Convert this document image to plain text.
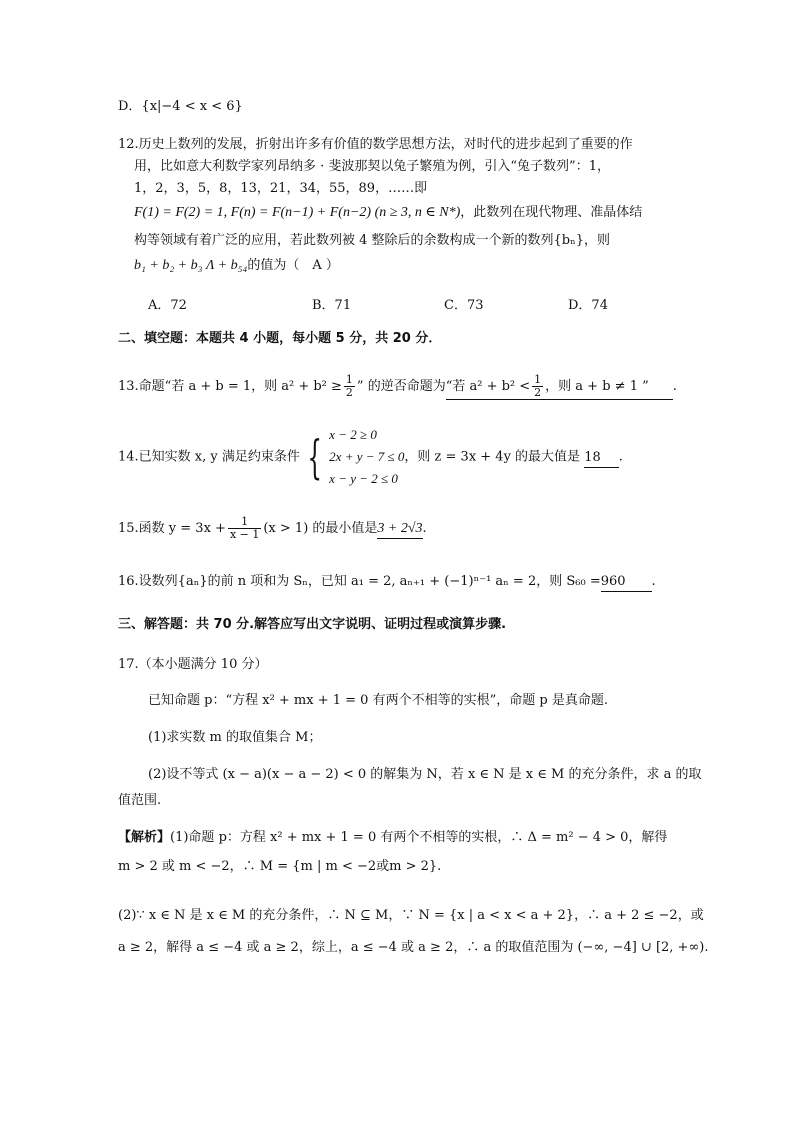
D．{x|−4 < x < 6}
12.历史上数列的发展，折射出许多有价值的数学思想方法，对时代的进步起到了重要的作
用，比如意大利数学家列昂纳多 · 斐波那契以兔子繁殖为例，引入“兔子数列”：1，
1，2，3，5，8，13，21，34，55，89，……即
F(1) = F(2) = 1, F(n) = F(n−1) + F(n−2) (n ≥ 3, n ∈ N*)，此数列在现代物理、准晶体结
构等领域有着广泛的应用，若此数列被 4 整除后的余数构成一个新的数列{bₙ}，则
b₁ + b₂ + b₃ Λ + b₅₄的值为（　A ）
A．72	B．71	C．73	D．74
二、填空题：本题共 4 小题，每小题 5 分，共 20 分．
13.命题“若 a + b = 1，则 $a^2 + b^2 \ge \frac{1}{2}$ ” 的逆否命题为“若 $a^2 + b^2 < \frac{1}{2}$ ，则 a + b ≠ 1 ” .
14.已知实数 x, y 满足约束条件 { x − 2 ≥ 0
2x + y − 7 ≤ 0
x − y − 2 ≤ 0
，则 z = 3x + 4y 的最大值是 18 .
15.函数 $y = 3x + \frac{1}{x - 1} (x > 1)$ 的最小值是3 + 2√3.
16.设数列{aₙ}的前 n 项和为 Sₙ，已知 a₁ = 2, aₙ₊₁ + (−1)ⁿ⁻¹ aₙ = 2，则 S₆₀ =960 .
三、解答题：共 70 分.解答应写出文字说明、证明过程或演算步骤.
17.（本小题满分 10 分）
已知命题 p：“方程 x² + mx + 1 = 0 有两个不相等的实根”，命题 p 是真命题.
(1)求实数 m 的取值集合 M；
(2)设不等式 (x − a)(x − a − 2) < 0 的解集为 N，若 x ∈ N 是 x ∈ M 的充分条件，求 a 的取
值范围.
【解析】(1)命题 p：方程 x² + mx + 1 = 0 有两个不相等的实根，∴ Δ = m² − 4 > 0，解得
m > 2 或 m < −2，∴ M = {m | m < −2或m > 2}.
(2)∵ x ∈ N 是 x ∈ M 的充分条件，∴ N ⊆ M，∵ N = {x | a < x < a + 2}，∴ a + 2 ≤ −2，或
a ≥ 2，解得 a ≤ −4 或 a ≥ 2，综上，a ≤ −4 或 a ≥ 2，∴ a 的取值范围为 (−∞, −4] ∪ [2, +∞).
